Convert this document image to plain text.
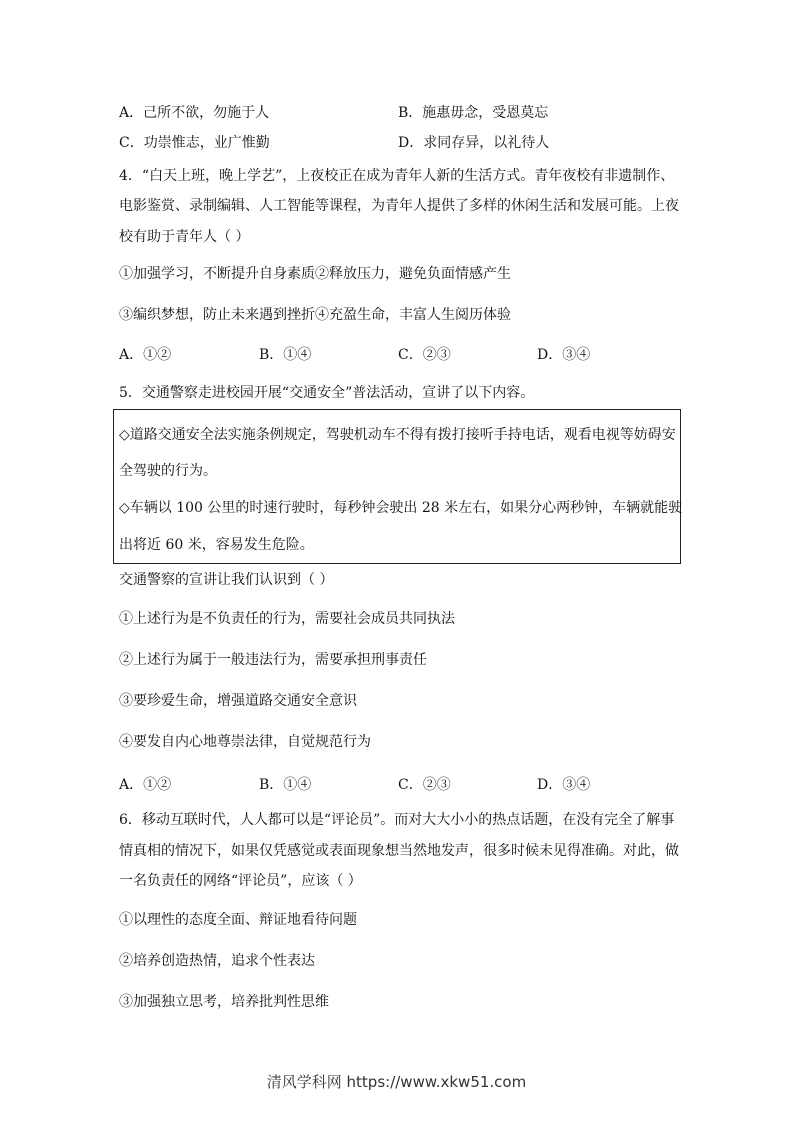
A．己所不欲，勿施于人	B．施惠毋念，受恩莫忘
C．功崇惟志，业广惟勤	D．求同存异，以礼待人
4．“白天上班，晚上学艺”，上夜校正在成为青年人新的生活方式。青年夜校有非遗制作、
电影鉴赏、录制编辑、人工智能等课程，为青年人提供了多样的休闲生活和发展可能。上夜
校有助于青年人（ ）
①加强学习，不断提升自身素质②释放压力，避免负面情感产生
③编织梦想，防止未来遇到挫折④充盈生命，丰富人生阅历体验
A．①②	B．①④	C．②③	D．③④
5．交通警察走进校园开展“交通安全”普法活动，宣讲了以下内容。
◇道路交通安全法实施条例规定，驾驶机动车不得有拨打接听手持电话，观看电视等妨碍安
全驾驶的行为。
◇车辆以 100 公里的时速行驶时，每秒钟会驶出 28 米左右，如果分心两秒钟，车辆就能驶
出将近 60 米，容易发生危险。
交通警察的宣讲让我们认识到（ ）
①上述行为是不负责任的行为，需要社会成员共同执法
②上述行为属于一般违法行为，需要承担刑事责任
③要珍爱生命，增强道路交通安全意识
④要发自内心地尊崇法律，自觉规范行为
A．①②	B．①④	C．②③	D．③④
6．移动互联时代，人人都可以是“评论员”。而对大大小小的热点话题，在没有完全了解事
情真相的情况下，如果仅凭感觉或表面现象想当然地发声，很多时候未见得准确。对此，做
一名负责任的网络“评论员”，应该（ ）
①以理性的态度全面、辩证地看待问题
②培养创造热情，追求个性表达
③加强独立思考，培养批判性思维
清风学科网 https://www.xkw51.com
